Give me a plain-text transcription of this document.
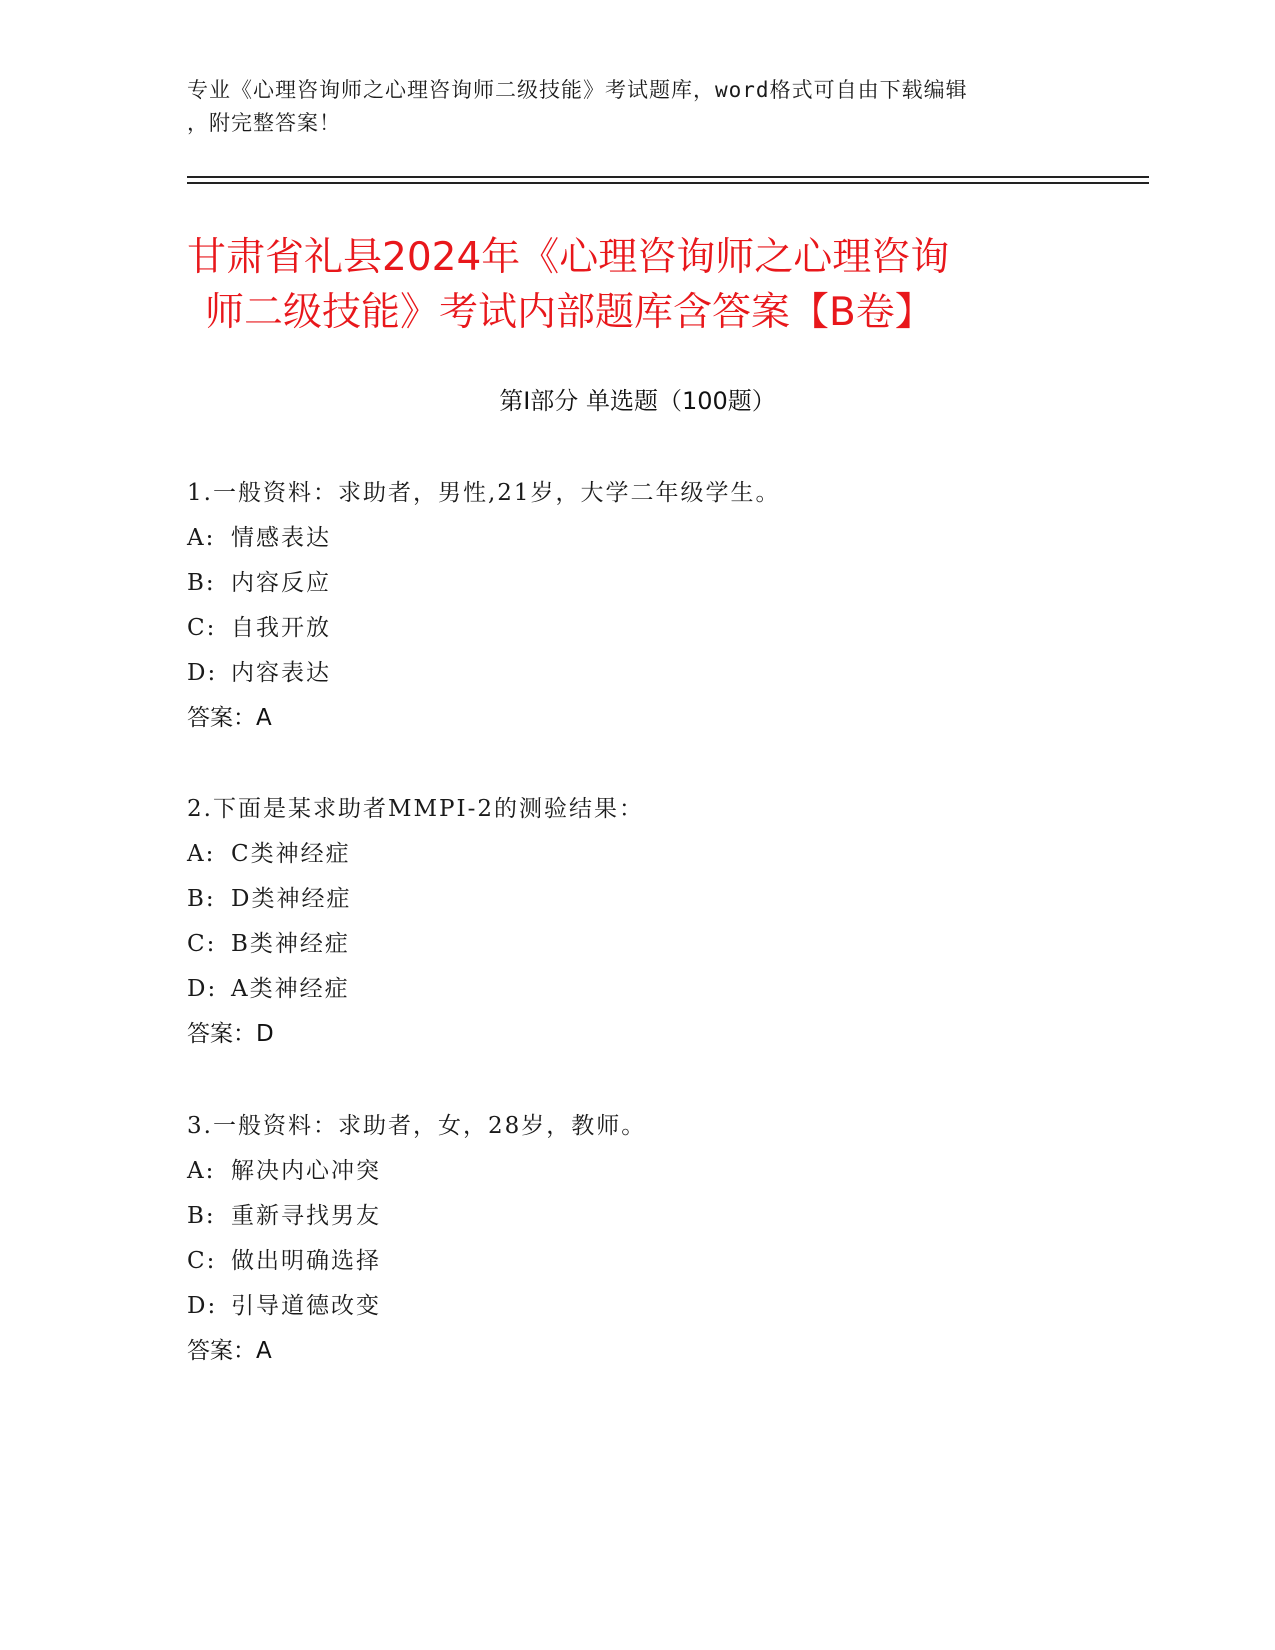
专业《心理咨询师之心理咨询师二级技能》考试题库，word格式可自由下载编辑
，附完整答案！
甘肃省礼县2024年《心理咨询师之心理咨询
师二级技能》考试内部题库含答案【B卷】
第I部分 单选题（100题）
1.一般资料：求助者，男性,21岁，大学二年级学生。
A: 情感表达
B: 内容反应
C: 自我开放
D: 内容表达
答案：A
2.下面是某求助者MMPI-2的测验结果：
A: C类神经症
B: D类神经症
C: B类神经症
D: A类神经症
答案：D
3.一般资料：求助者，女，28岁，教师。
A: 解决内心冲突
B: 重新寻找男友
C: 做出明确选择
D: 引导道德改变
答案：A
